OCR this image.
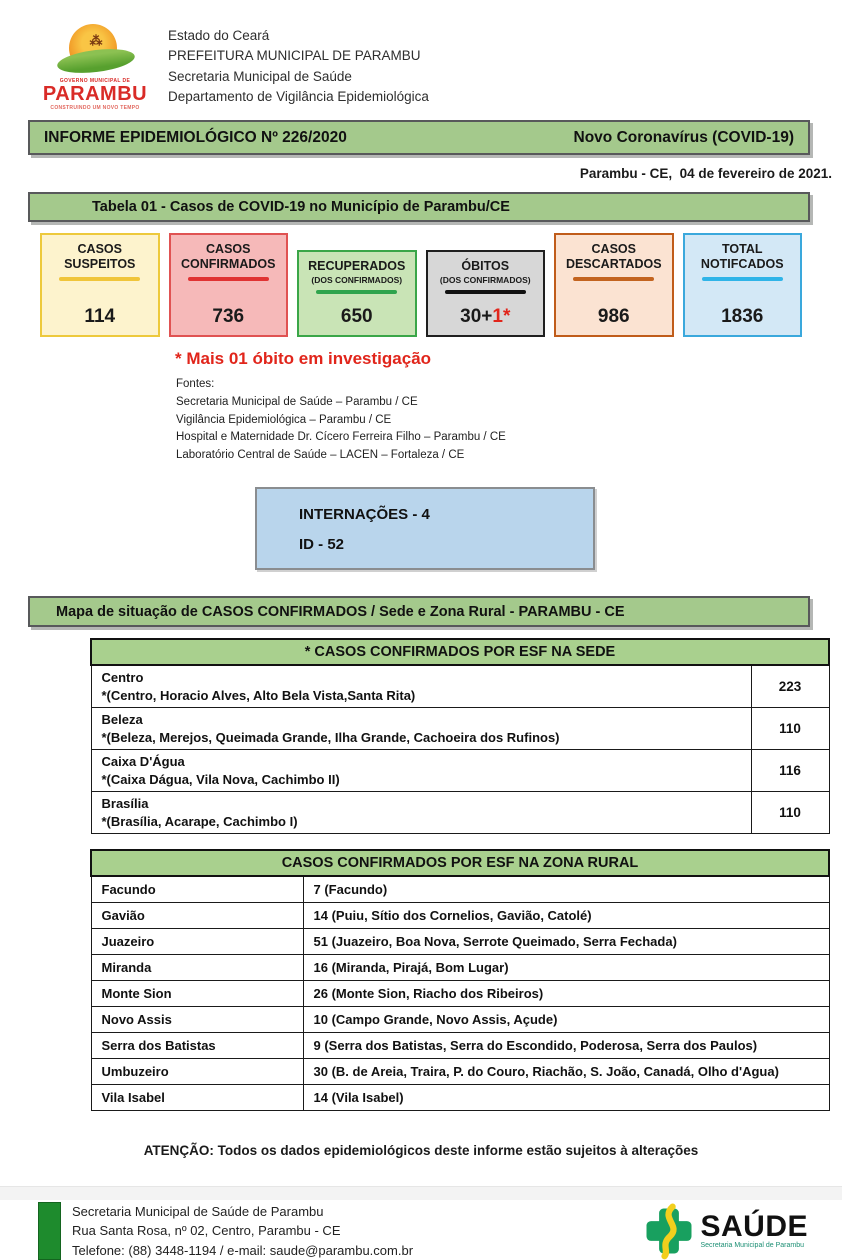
⁂
GOVERNO MUNICIPAL DE
PARAMBU
CONSTRUINDO UM NOVO TEMPO
Estado do Ceará
PREFEITURA MUNICIPAL DE PARAMBU
Secretaria Municipal de Saúde
Departamento de Vigilância Epidemiológica
INFORME EPIDEMIOLÓGICO Nº 226/2020	Novo Coronavírus (COVID-19)
Parambu - CE,  04 de fevereiro de 2021.
Tabela 01 - Casos de COVID-19 no Município de Parambu/CE
CASOS SUSPEITOS
114
CASOS CONFIRMADOS
736
RECUPERADOS
(DOS CONFIRMADOS)
650
ÓBITOS
(DOS CONFIRMADOS)
30+1*
CASOS DESCARTADOS
986
TOTAL NOTIFCADOS
1836
* Mais 01 óbito em investigação
Fontes:
Secretaria Municipal de Saúde – Parambu / CE
Vigilância Epidemiológica – Parambu / CE
Hospital e Maternidade Dr. Cícero Ferreira Filho – Parambu / CE
Laboratório Central de Saúde – LACEN – Fortaleza / CE
INTERNAÇÕES - 4
ID - 52
Mapa de situação de CASOS CONFIRMADOS / Sede e Zona Rural - PARAMBU - CE
* CASOS CONFIRMADOS POR ESF NA SEDE	

Centro
*(Centro, Horacio Alves, Alto Bela Vista,Santa Rita)	223

Beleza
*(Beleza, Merejos, Queimada Grande, Ilha Grande, Cachoeira dos Rufinos)	110

Caixa D'Água
*(Caixa Dágua, Vila Nova, Cachimbo II)	116

Brasília
*(Brasília, Acarape, Cachimbo I)	110
CASOS CONFIRMADOS POR ESF NA ZONA RURAL	
Facundo	7 (Facundo)
Gavião	14 (Puiu, Sítio dos Cornelios, Gavião, Catolé)
Juazeiro	51 (Juazeiro, Boa Nova, Serrote Queimado, Serra Fechada)
Miranda	16 (Miranda, Pirajá, Bom Lugar)
Monte Sion	26 (Monte Sion, Riacho dos Ribeiros)
Novo Assis	10 (Campo Grande, Novo Assis, Açude)
Serra dos Batistas	9 (Serra dos Batistas, Serra do Escondido, Poderosa, Serra dos Paulos)
Umbuzeiro	30 (B. de Areia, Traira, P. do Couro, Riachão, S. João, Canadá, Olho d'Agua)
Vila Isabel	14 (Vila Isabel)
ATENÇÃO: Todos os dados epidemiológicos deste informe estão sujeitos à alterações
Secretaria Municipal de Saúde de Parambu
Rua Santa Rosa, nº 02, Centro, Parambu - CE
Telefone: (88) 3448-1194 / e-mail: saude@parambu.com.br
SAÚDE
Secretaria Municipal de Parambu
